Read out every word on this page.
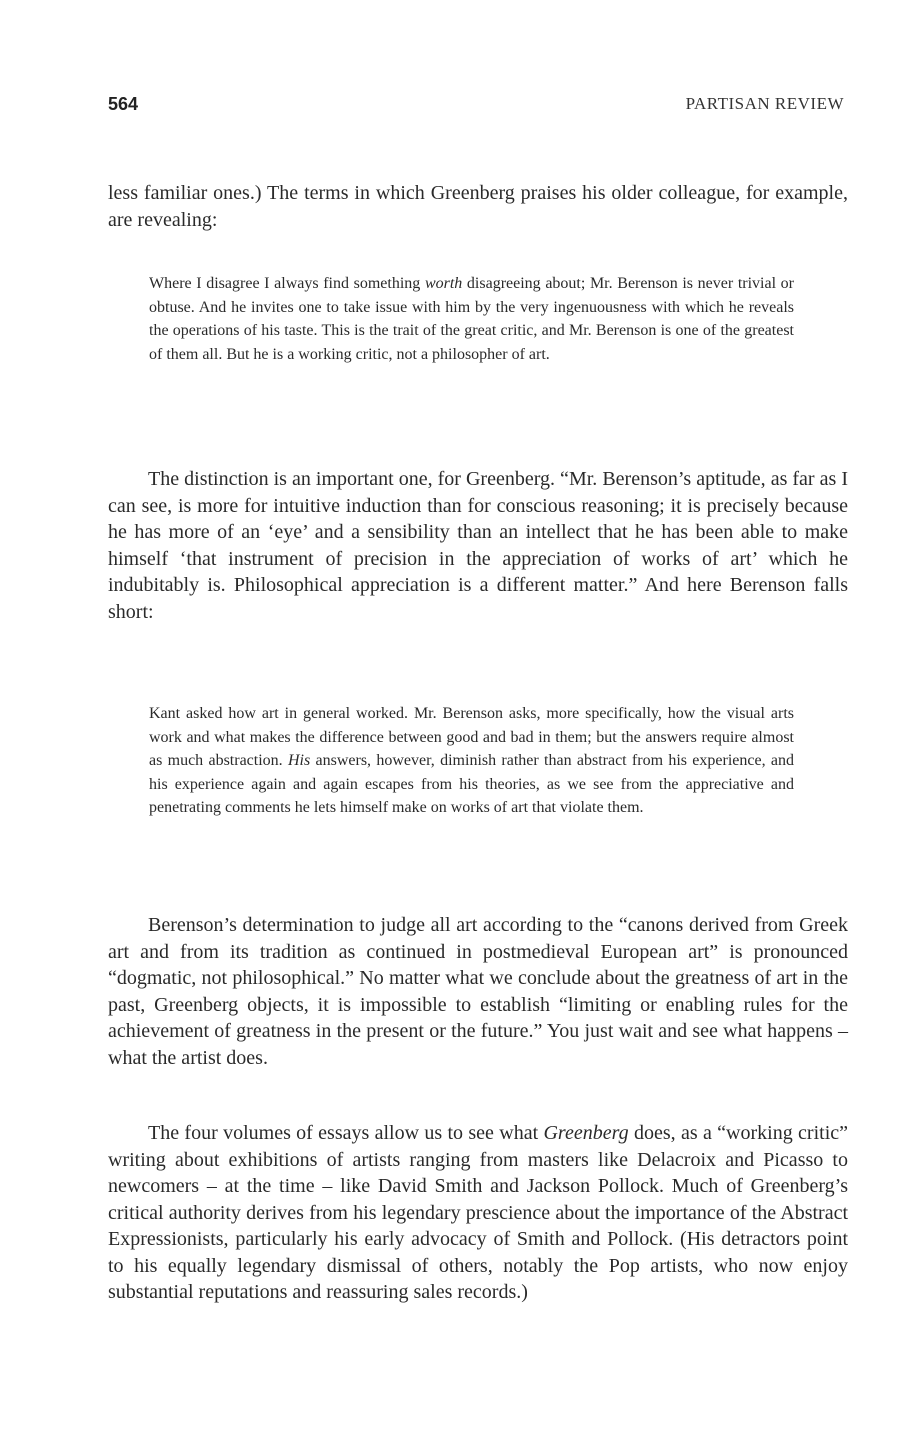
564	PARTISAN REVIEW

less familiar ones.) The terms in which Greenberg praises his older colleague, for example, are revealing:

Where I disagree I always find something worth disagreeing about; Mr. Berenson is never trivial or obtuse. And he invites one to take issue with him by the very ingenuousness with which he reveals the operations of his taste. This is the trait of the great critic, and Mr. Berenson is one of the greatest of them all. But he is a working critic, not a philosopher of art.

The distinction is an important one, for Greenberg. “Mr. Berenson’s aptitude, as far as I can see, is more for intuitive induction than for conscious reasoning; it is precisely because he has more of an ‘eye’ and a sensibility than an intellect that he has been able to make himself ‘that instrument of precision in the appreciation of works of art’ which he indubitably is. Philosophical appreciation is a different matter.” And here Berenson falls short:

Kant asked how art in general worked. Mr. Berenson asks, more specifically, how the visual arts work and what makes the difference between good and bad in them; but the answers require almost as much abstraction. His answers, however, diminish rather than abstract from his experience, and his experience again and again escapes from his theories, as we see from the appreciative and penetrating comments he lets himself make on works of art that violate them.

Berenson’s determination to judge all art according to the “canons derived from Greek art and from its tradition as continued in postmedieval European art” is pronounced “dogmatic, not philosophical.” No matter what we conclude about the greatness of art in the past, Greenberg objects, it is impossible to establish “limiting or enabling rules for the achievement of greatness in the present or the future.” You just wait and see what happens – what the artist does.

The four volumes of essays allow us to see what Greenberg does, as a “working critic” writing about exhibitions of artists ranging from masters like Delacroix and Picasso to newcomers – at the time – like David Smith and Jackson Pollock. Much of Greenberg’s critical authority derives from his legendary prescience about the importance of the Abstract Expressionists, particularly his early advocacy of Smith and Pollock. (His detractors point to his equally legendary dismissal of others, notably the Pop artists, who now enjoy substantial reputations and reassuring sales records.)
